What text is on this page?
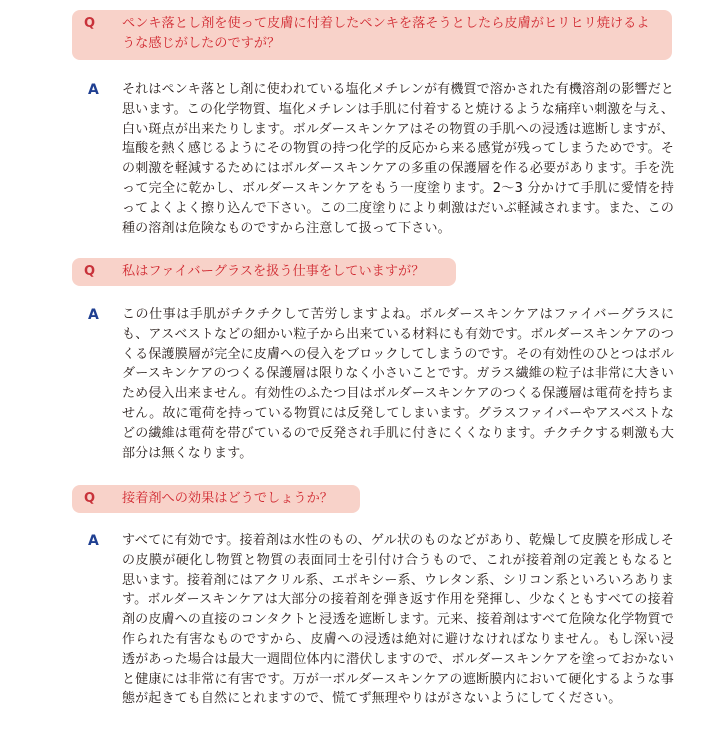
Q ペンキ落とし剤を使って皮膚に付着したペンキを落そうとしたら皮膚がヒリヒリ焼けるような感じがしたのですが？
A それはペンキ落とし剤に使われている塩化メチレンが有機質で溶かされた有機溶剤の影響だと思います。この化学物質、塩化メチレンは手肌に付着すると焼けるような痛痒い刺激を与え、白い斑点が出来たりします。ボルダースキンケアはその物質の手肌への浸透は遮断しますが、塩酸を熱く感じるようにその物質の持つ化学的反応から来る感覚が残ってしまうためです。その刺激を軽減するためにはボルダースキンケアの多重の保護層を作る必要があります。手を洗って完全に乾かし、ボルダースキンケアをもう一度塗ります。2～3 分かけて手肌に愛情を持ってよくよく擦り込んで下さい。この二度塗りにより刺激はだいぶ軽減されます。また、この種の溶剤は危険なものですから注意して扱って下さい。
Q 私はファイバーグラスを扱う仕事をしていますが？
A この仕事は手肌がチクチクして苦労しますよね。ボルダースキンケアはファイバーグラスにも、アスベストなどの細かい粒子から出来ている材料にも有効です。ボルダースキンケアのつくる保護膜層が完全に皮膚への侵入をブロックしてしまうのです。その有効性のひとつはボルダースキンケアのつくる保護層は限りなく小さいことです。ガラス繊維の粒子は非常に大きいため侵入出来ません。有効性のふたつ目はボルダースキンケアのつくる保護層は電荷を持ちません。故に電荷を持っている物質には反発してしまいます。グラスファイバーやアスベストなどの繊維は電荷を帯びているので反発され手肌に付きにくくなります。チクチクする刺激も大部分は無くなります。
Q 接着剤への効果はどうでしょうか？
A すべてに有効です。接着剤は水性のもの、ゲル状のものなどがあり、乾燥して皮膜を形成しその皮膜が硬化し物質と物質の表面同士を引付け合うもので、これが接着剤の定義ともなると思います。接着剤にはアクリル系、エポキシー系、ウレタン系、シリコン系といろいろあります。ボルダースキンケアは大部分の接着剤を弾き返す作用を発揮し、少なくともすべての接着剤の皮膚への直接のコンタクトと浸透を遮断します。元来、接着剤はすべて危険な化学物質で作られた有害なものですから、皮膚への浸透は絶対に避けなければなりません。もし深い浸透があった場合は最大一週間位体内に潜伏しますので、ボルダースキンケアを塗っておかないと健康には非常に有害です。万が一ボルダースキンケアの遮断膜内において硬化するような事態が起きても自然にとれますので、慌てず無理やりはがさないようにしてください。
